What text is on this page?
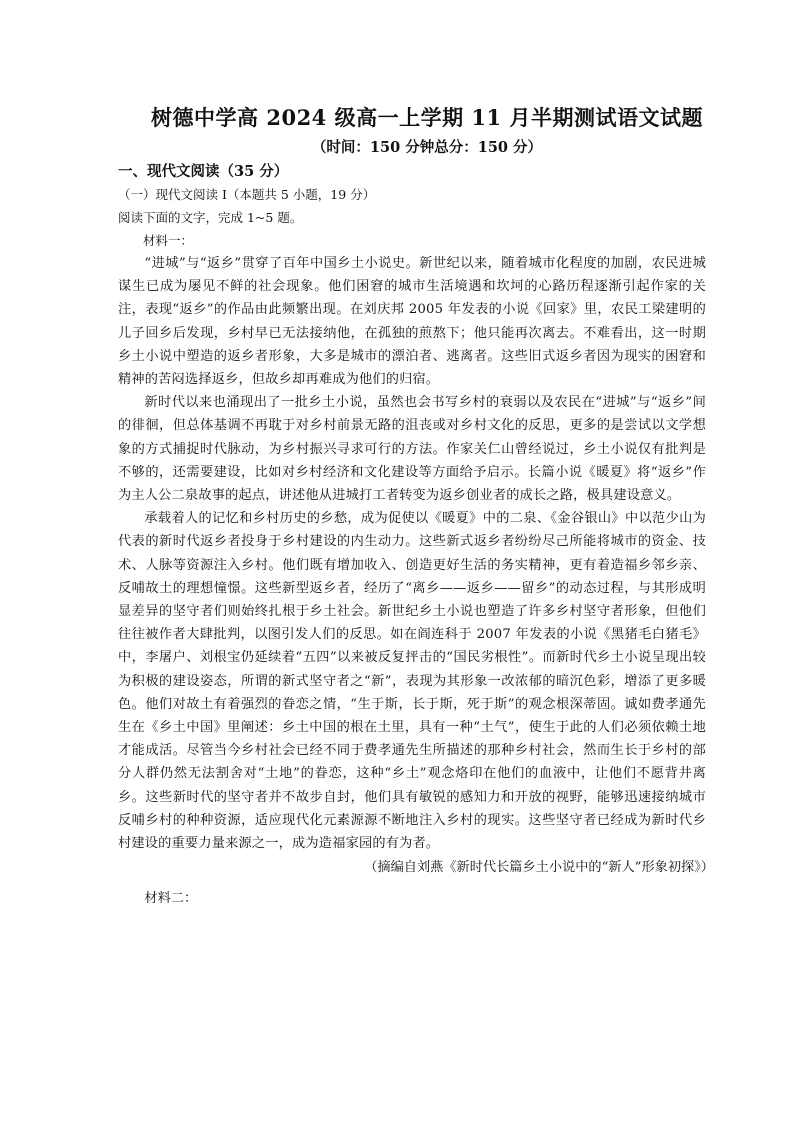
树德中学高 2024 级高一上学期 11 月半期测试语文试题
（时间：150 分钟总分：150 分）
一、现代文阅读（35 分）
（一）现代文阅读 I（本题共 5 小题，19 分）
阅读下面的文字，完成 1~5 题。
材料一：

“进城”与“返乡”贯穿了百年中国乡土小说史。新世纪以来，随着城市化程度的加剧，农民进城谋生已成为屡见不鲜的社会现象。他们困窘的城市生活境遇和坎坷的心路历程逐渐引起作家的关注，表现“返乡”的作品由此频繁出现。在刘庆邦 2005 年发表的小说《回家》里，农民工梁建明的儿子回乡后发现，乡村早已无法接纳他，在孤独的煎熬下；他只能再次离去。不难看出，这一时期乡土小说中塑造的返乡者形象，大多是城市的漂泊者、逃离者。这些旧式返乡者因为现实的困窘和精神的苦闷选择返乡，但故乡却再难成为他们的归宿。

新时代以来也涌现出了一批乡土小说，虽然也会书写乡村的衰弱以及农民在“进城”与“返乡”间的徘徊，但总体基调不再耽于对乡村前景无路的沮丧或对乡村文化的反思，更多的是尝试以文学想象的方式捕捉时代脉动，为乡村振兴寻求可行的方法。作家关仁山曾经说过，乡土小说仅有批判是不够的，还需要建设，比如对乡村经济和文化建设等方面给予启示。长篇小说《暖夏》将“返乡”作为主人公二泉故事的起点，讲述他从进城打工者转变为返乡创业者的成长之路，极具建设意义。

承载着人的记忆和乡村历史的乡愁，成为促使以《暖夏》中的二泉、《金谷银山》中以范少山为代表的新时代返乡者投身于乡村建设的内生动力。这些新式返乡者纷纷尽己所能将城市的资金、技术、人脉等资源注入乡村。他们既有增加收入、创造更好生活的务实精神，更有着造福乡邻乡亲、反哺故土的理想憧憬。这些新型返乡者，经历了“离乡——返乡——留乡”的动态过程，与其形成明显差异的坚守者们则始终扎根于乡土社会。新世纪乡土小说也塑造了许多乡村坚守者形象，但他们往往被作者大肆批判，以图引发人们的反思。如在阎连科于 2007 年发表的小说《黑猪毛白猪毛》中，李屠户、刘根宝仍延续着“五四”以来被反复抨击的“国民劣根性”。而新时代乡土小说呈现出较为积极的建设姿态，所谓的新式坚守者之“新”，表现为其形象一改浓郁的暗沉色彩，增添了更多暖色。他们对故土有着强烈的眷恋之情，“生于斯，长于斯，死于斯”的观念根深蒂固。诚如费孝通先生在《乡土中国》里阐述：乡土中国的根在土里，具有一种“土气”，使生于此的人们必须依赖土地才能成活。尽管当今乡村社会已经不同于费孝通先生所描述的那种乡村社会，然而生长于乡村的部分人群仍然无法割舍对“土地”的眷恋，这种“乡土”观念烙印在他们的血液中，让他们不愿背井离乡。这些新时代的坚守者并不故步自封，他们具有敏锐的感知力和开放的视野，能够迅速接纳城市反哺乡村的种种资源，适应现代化元素源源不断地注入乡村的现实。这些坚守者已经成为新时代乡村建设的重要力量来源之一，成为造福家园的有为者。

（摘编自刘燕《新时代长篇乡土小说中的“新人”形象初探》）
材料二：
